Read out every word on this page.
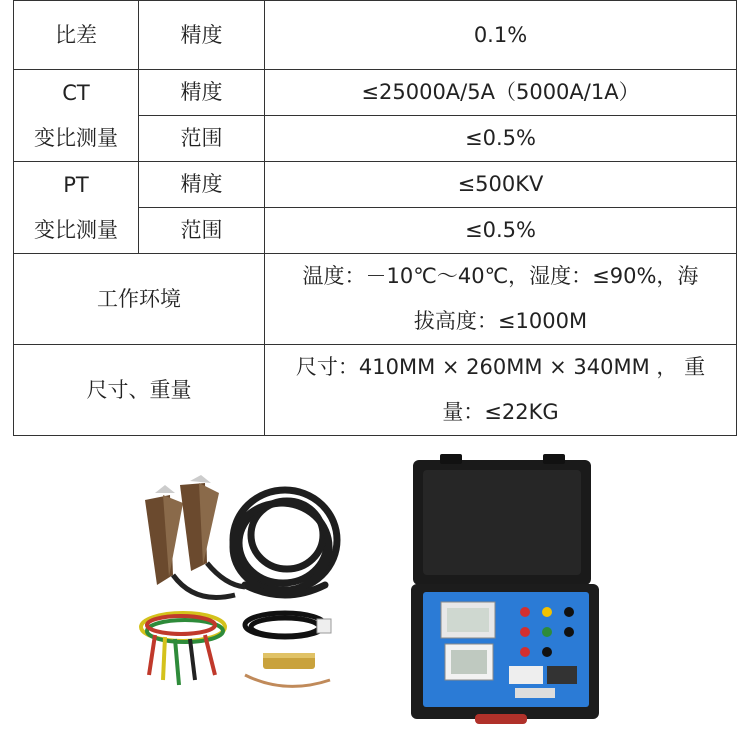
比差	精度	0.1%

CT
变比测量	精度	≤25000A/5A（5000A/1A）
	范围	≤0.5%

PT
变比测量	精度	≤500KV
	范围	≤0.5%
工作环境		温度：－10℃～40℃，湿度：≤90%，海
拔高度：≤1000M

尺寸、重量		尺寸：410MM × 260MM × 340MM ， 重
量：≤22KG
